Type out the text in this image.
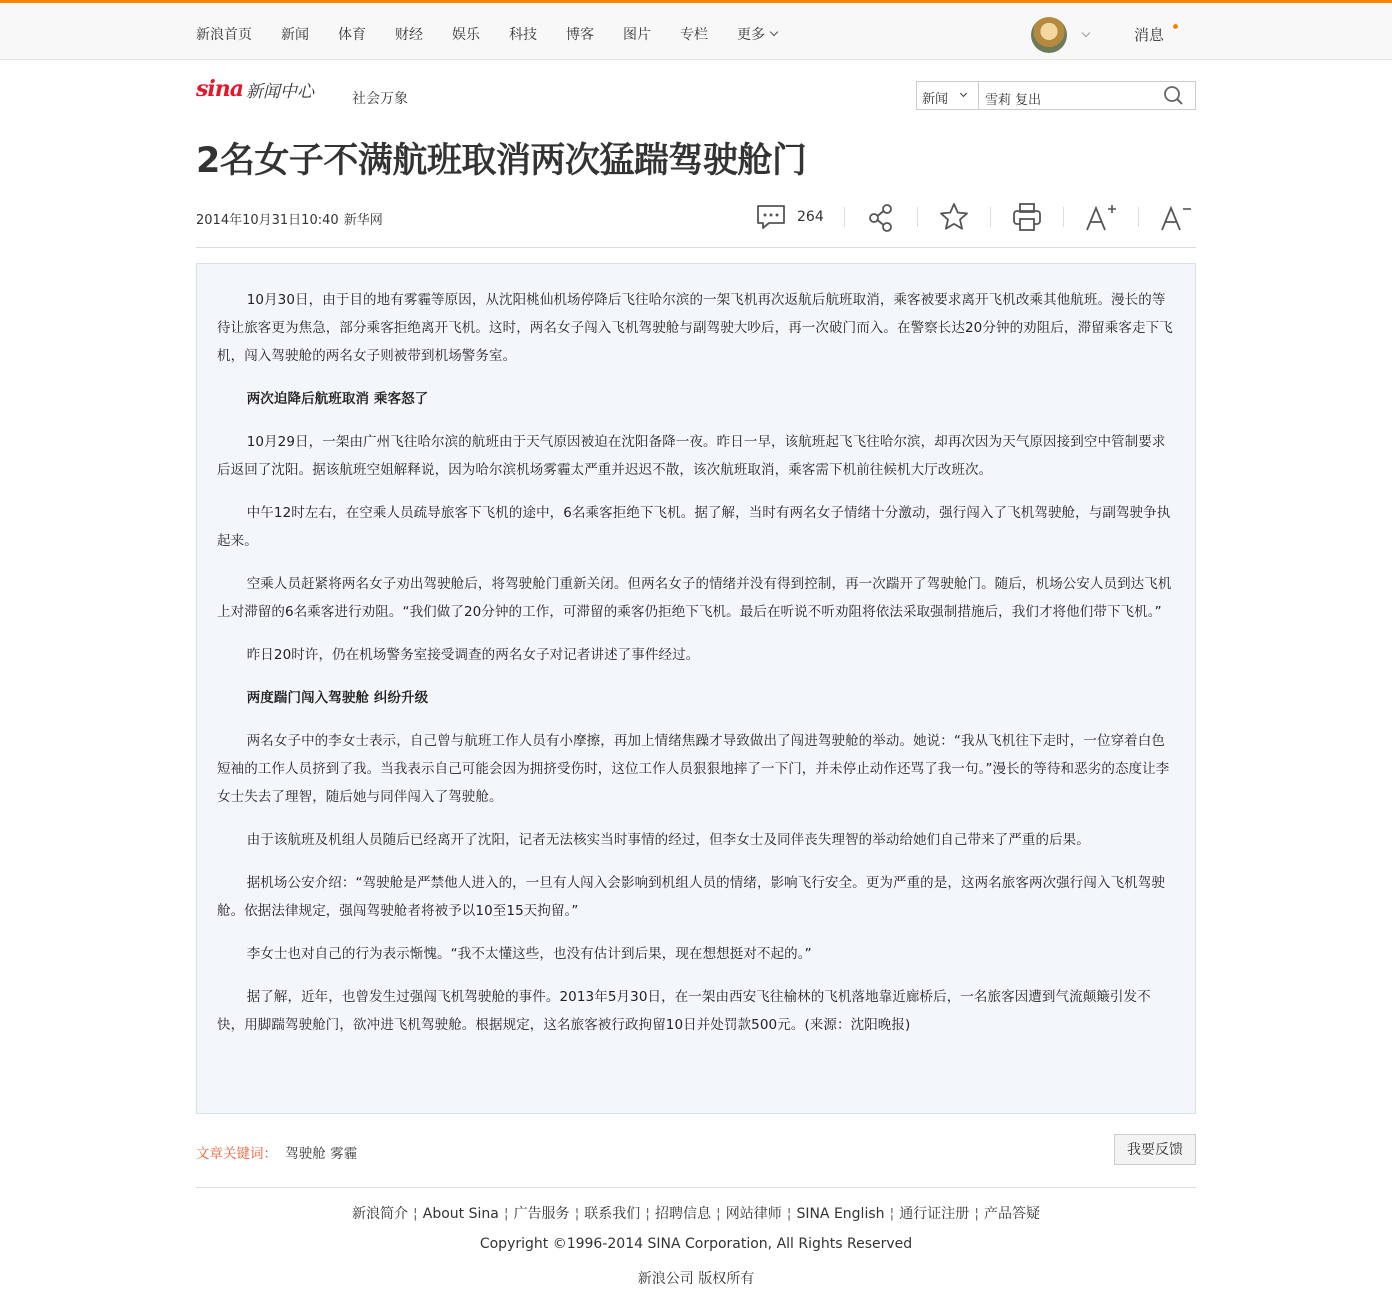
新浪首页 新闻 体育 财经 娱乐 科技 博客 图片 专栏 更多	消息
sina 新闻中心	社会万象	新闻
雪莉 复出
2名女子不满航班取消两次猛踹驾驶舱门
2014年10月31日10:40 新华网	264

10月30日，由于目的地有雾霾等原因，从沈阳桃仙机场停降后飞往哈尔滨的一架飞机再次返航后航班取消，乘客被要求离开飞机改乘其他航班。漫长的等待让旅客更为焦急，部分乘客拒绝离开飞机。这时，两名女子闯入飞机驾驶舱与副驾驶大吵后，再一次破门而入。在警察长达20分钟的劝阻后，滞留乘客走下飞机，闯入驾驶舱的两名女子则被带到机场警务室。

两次迫降后航班取消 乘客怒了

10月29日，一架由广州飞往哈尔滨的航班由于天气原因被迫在沈阳备降一夜。昨日一早，该航班起飞飞往哈尔滨，却再次因为天气原因接到空中管制要求后返回了沈阳。据该航班空姐解释说，因为哈尔滨机场雾霾太严重并迟迟不散，该次航班取消，乘客需下机前往候机大厅改班次。

中午12时左右，在空乘人员疏导旅客下飞机的途中，6名乘客拒绝下飞机。据了解，当时有两名女子情绪十分激动，强行闯入了飞机驾驶舱，与副驾驶争执起来。

空乘人员赶紧将两名女子劝出驾驶舱后，将驾驶舱门重新关闭。但两名女子的情绪并没有得到控制，再一次踹开了驾驶舱门。随后，机场公安人员到达飞机上对滞留的6名乘客进行劝阻。“我们做了20分钟的工作，可滞留的乘客仍拒绝下飞机。最后在听说不听劝阻将依法采取强制措施后，我们才将他们带下飞机。”

昨日20时许，仍在机场警务室接受调查的两名女子对记者讲述了事件经过。

两度踹门闯入驾驶舱 纠纷升级

两名女子中的李女士表示，自己曾与航班工作人员有小摩擦，再加上情绪焦躁才导致做出了闯进驾驶舱的举动。她说：“我从飞机往下走时，一位穿着白色短袖的工作人员挤到了我。当我表示自己可能会因为拥挤受伤时，这位工作人员狠狠地摔了一下门，并未停止动作还骂了我一句。”漫长的等待和恶劣的态度让李女士失去了理智，随后她与同伴闯入了驾驶舱。

由于该航班及机组人员随后已经离开了沈阳，记者无法核实当时事情的经过，但李女士及同伴丧失理智的举动给她们自己带来了严重的后果。

据机场公安介绍：“驾驶舱是严禁他人进入的，一旦有人闯入会影响到机组人员的情绪，影响飞行安全。更为严重的是，这两名旅客两次强行闯入飞机驾驶舱。依据法律规定，强闯驾驶舱者将被予以10至15天拘留。”

李女士也对自己的行为表示惭愧。“我不太懂这些，也没有估计到后果，现在想想挺对不起的。”

据了解，近年，也曾发生过强闯飞机驾驶舱的事件。2013年5月30日，在一架由西安飞往榆林的飞机落地靠近廊桥后，一名旅客因遭到气流颠簸引发不快，用脚踹驾驶舱门，欲冲进飞机驾驶舱。根据规定，这名旅客被行政拘留10日并处罚款500元。(来源：沈阳晚报)

文章关键词： 驾驶舱 雾霾	我要反馈
新浪简介 ¦ About Sina ¦ 广告服务 ¦ 联系我们 ¦ 招聘信息 ¦ 网站律师 ¦ SINA English ¦ 通行证注册 ¦ 产品答疑
Copyright ©1996-2014 SINA Corporation, All Rights Reserved
新浪公司 版权所有
